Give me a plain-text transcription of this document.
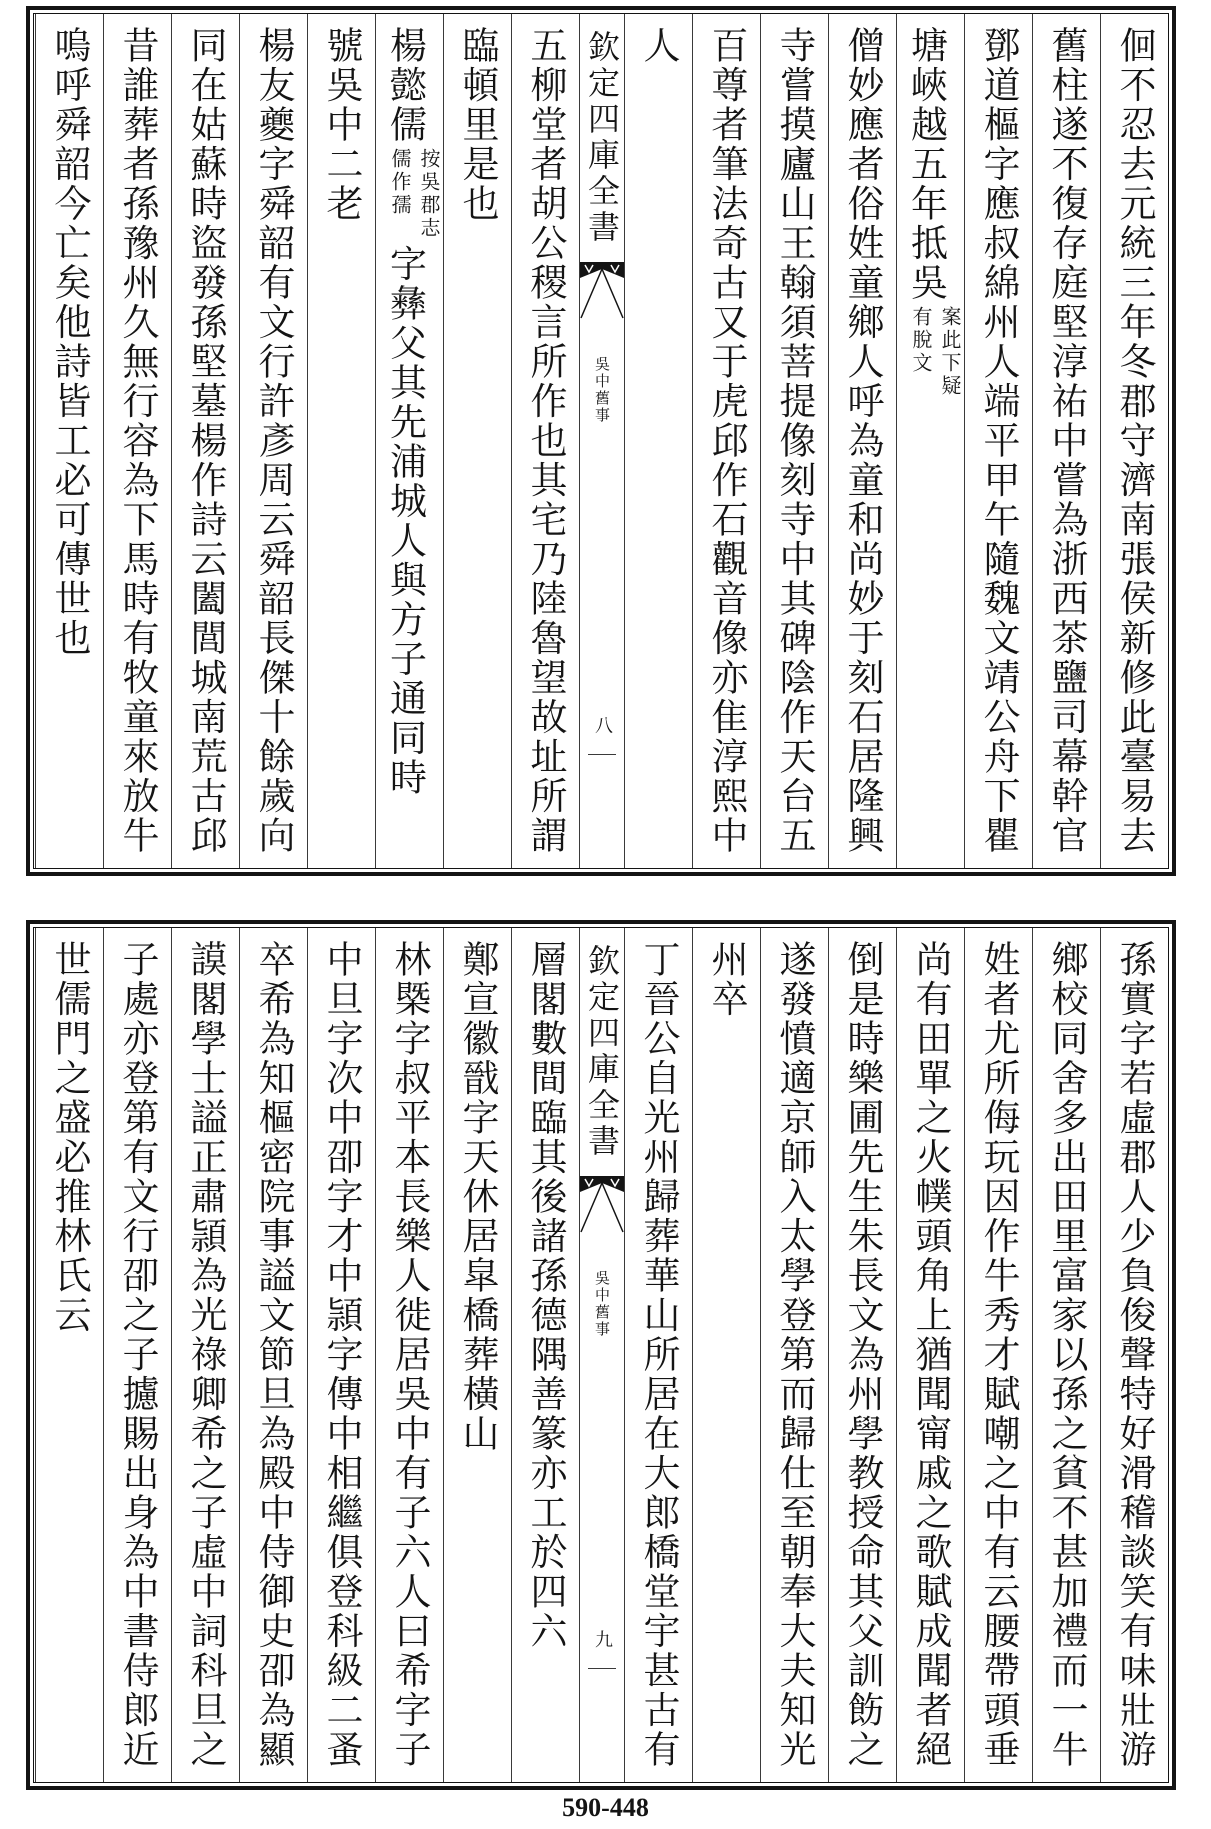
佪不忍去元統三年冬郡守濟南張侯新修此臺易去
舊柱遂不復存庭堅淳祐中嘗為浙西茶鹽司幕幹官
鄧道樞字應叔綿州人端平甲午隨魏文靖公舟下瞿
塘峽越五年抵吳
案此下疑
有脫文
僧妙應者俗姓童鄉人呼為童和尚妙于刻石居隆興
寺嘗摸廬山王翰須菩提像刻寺中其碑陰作天台五
百尊者筆法奇古又于虎邱作石觀音像亦隹淳熙中
人
欽定四庫全書
吳中舊事
八
五柳堂者胡公稷言所作也其宅乃陸魯望故址所謂
臨頓里是也
楊懿儒
按吳郡志
儒作孺
字彝父其先浦城人與方子通同時
號吳中二老
楊友夔字舜韶有文行許彥周云舜韶長傑十餘歲向
同在姑蘇時盜發孫堅墓楊作詩云闔閭城南荒古邱
昔誰葬者孫豫州久無行容為下馬時有牧童來放牛
嗚呼舜韶今亡矣他詩皆工必可傳世也
孫實字若虛郡人少負俊聲特好滑稽談笑有味壯游
鄉校同舍多出田里富家以孫之貧不甚加禮而一牛
姓者尤所侮玩因作牛秀才賦嘲之中有云腰帶頭垂
尚有田單之火幞頭角上猶聞甯戚之歌賦成聞者絕
倒是時樂圃先生朱長文為州學教授命其父訓飭之
遂發憤適京師入太學登第而歸仕至朝奉大夫知光
州卒
丁晉公自光州歸葬華山所居在大郎橋堂宇甚古有
欽定四庫全書
吳中舊事
九
層閣數間臨其後諸孫德隅善篆亦工於四六
鄭宣徽戩字天休居皐橋葬橫山
林槩字叔平本長樂人徙居吳中有子六人曰希字子
中旦字次中卲字才中頴字傳中相繼俱登科級二蚤
卒希為知樞密院事謚文節旦為殿中侍御史卲為顯
謨閣學士謚正肅頴為光祿卿希之子虛中詞科旦之
子處亦登第有文行卲之子攄賜出身為中書侍郎近
世儒門之盛必推林氏云
590-448
